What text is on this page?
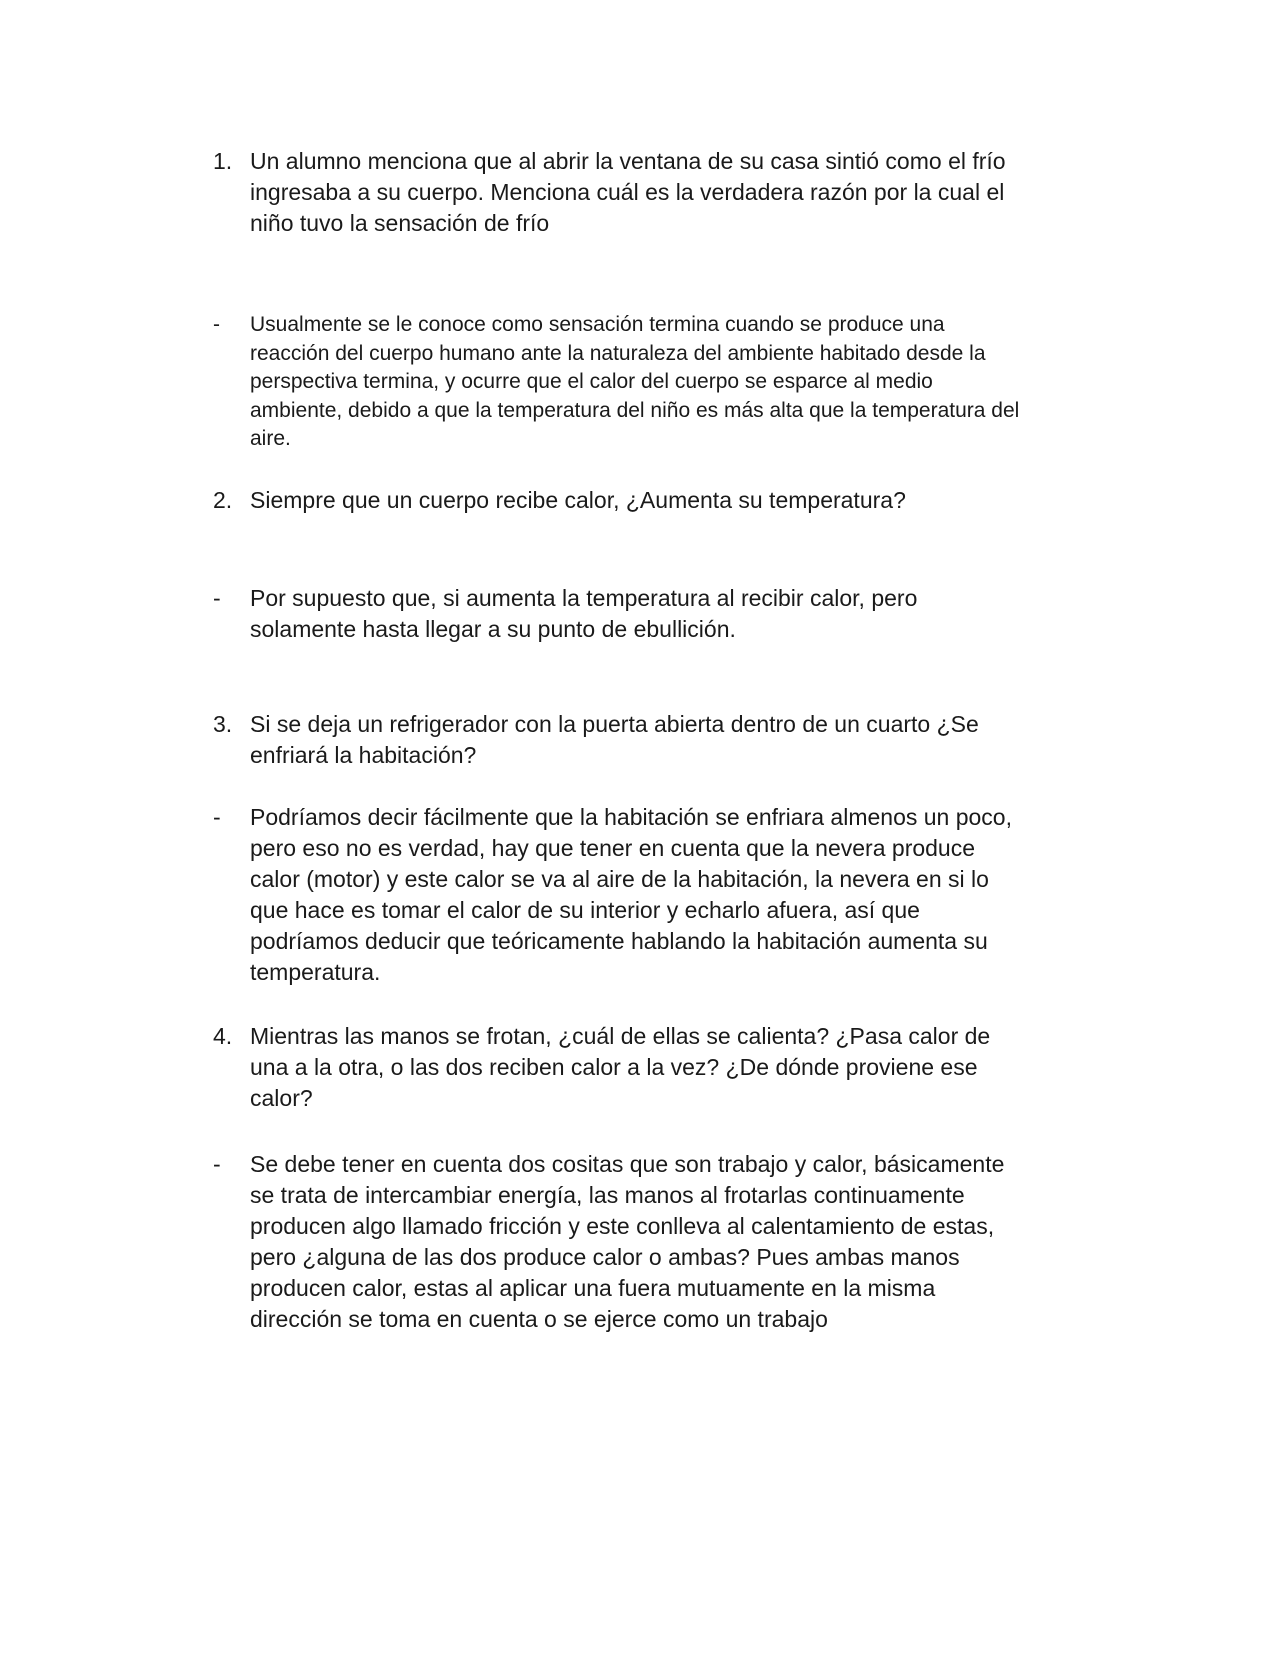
1. Un alumno menciona que al abrir la ventana de su casa sintió como el frío
ingresaba a su cuerpo. Menciona cuál es la verdadera razón por la cual el
niño tuvo la sensación de frío
-	Usualmente se le conoce como sensación termina cuando se produce una
reacción del cuerpo humano ante la naturaleza del ambiente habitado desde la
perspectiva termina, y ocurre que el calor del cuerpo se esparce al medio
ambiente, debido a que la temperatura del niño es más alta que la temperatura del
aire.
2. Siempre que un cuerpo recibe calor, ¿Aumenta su temperatura?
-	Por supuesto que, si aumenta la temperatura al recibir calor, pero
solamente hasta llegar a su punto de ebullición.
3. Si se deja un refrigerador con la puerta abierta dentro de un cuarto ¿Se
enfriará la habitación?
-	Podríamos decir fácilmente que la habitación se enfriara almenos un poco,
pero eso no es verdad, hay que tener en cuenta que la nevera produce
calor (motor) y este calor se va al aire de la habitación, la nevera en si lo
que hace es tomar el calor de su interior y echarlo afuera, así que
podríamos deducir que teóricamente hablando la habitación aumenta su
temperatura.
4. Mientras las manos se frotan, ¿cuál de ellas se calienta? ¿Pasa calor de
una a la otra, o las dos reciben calor a la vez? ¿De dónde proviene ese
calor?
-	Se debe tener en cuenta dos cositas que son trabajo y calor, básicamente
se trata de intercambiar energía, las manos al frotarlas continuamente
producen algo llamado fricción y este conlleva al calentamiento de estas,
pero ¿alguna de las dos produce calor o ambas? Pues ambas manos
producen calor, estas al aplicar una fuera mutuamente en la misma
dirección se toma en cuenta o se ejerce como un trabajo
